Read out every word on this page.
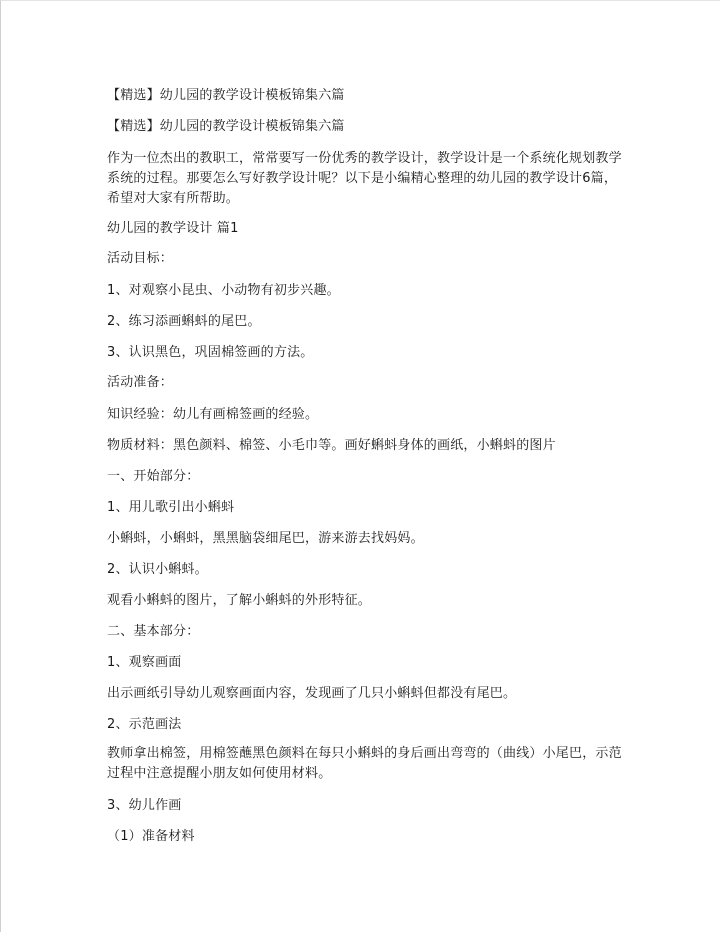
【精选】幼儿园的教学设计模板锦集六篇
【精选】幼儿园的教学设计模板锦集六篇
作为一位杰出的教职工，常常要写一份优秀的教学设计，教学设计是一个系统化规划教学系统的过程。那要怎么写好教学设计呢？以下是小编精心整理的幼儿园的教学设计6篇，希望对大家有所帮助。
幼儿园的教学设计 篇1
活动目标：
1、对观察小昆虫、小动物有初步兴趣。
2、练习添画蝌蚪的尾巴。
3、认识黑色，巩固棉签画的方法。
活动准备：
知识经验：幼儿有画棉签画的经验。
物质材料：黑色颜料、棉签、小毛巾等。画好蝌蚪身体的画纸，小蝌蚪的图片
一、开始部分：
1、用儿歌引出小蝌蚪
小蝌蚪，小蝌蚪，黑黑脑袋细尾巴，游来游去找妈妈。
2、认识小蝌蚪。
观看小蝌蚪的图片，了解小蝌蚪的外形特征。
二、基本部分：
1、观察画面
出示画纸引导幼儿观察画面内容，发现画了几只小蝌蚪但都没有尾巴。
2、示范画法
教师拿出棉签，用棉签蘸黑色颜料在每只小蝌蚪的身后画出弯弯的（曲线）小尾巴，示范过程中注意提醒小朋友如何使用材料。
3、幼儿作画
（1）准备材料
